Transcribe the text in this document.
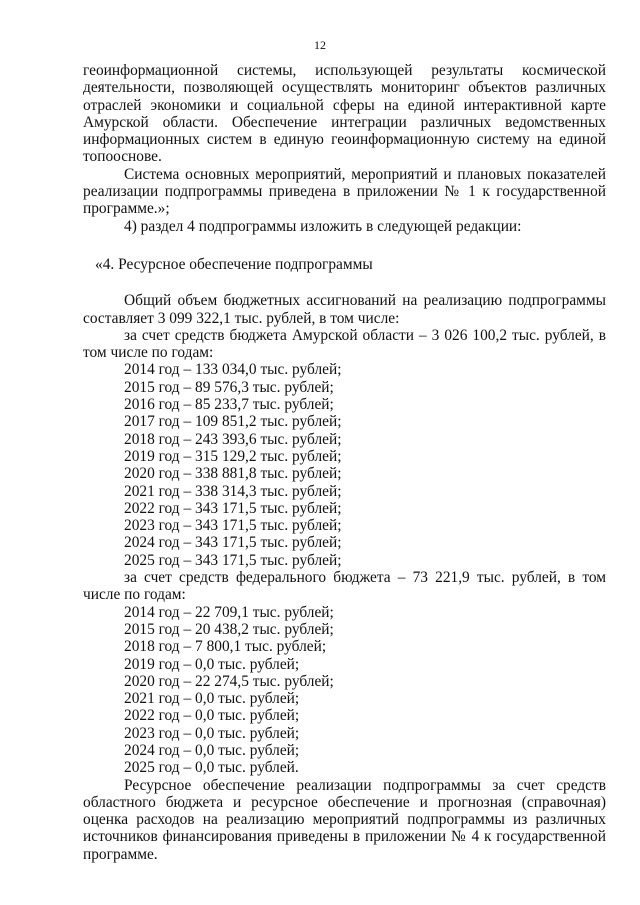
12

геоинформационной системы, использующей результаты космической деятельности, позволяющей осуществлять мониторинг объектов различных отраслей экономики и социальной сферы на единой интерактивной карте Амурской области. Обеспечение интеграции различных ведомственных информационных систем в единую геоинформационную систему на единой топооснове.

Система основных мероприятий, мероприятий и плановых показателей реализации подпрограммы приведена в приложении № 1 к государственной программе.»;

4) раздел 4 подпрограммы изложить в следующей редакции:

«4. Ресурсное обеспечение подпрограммы

Общий объем бюджетных ассигнований на реализацию подпрограммы составляет 3 099 322,1 тыс. рублей, в том числе:

за счет средств бюджета Амурской области – 3 026 100,2 тыс. рублей, в том числе по годам:

2014 год – 133 034,0 тыс. рублей;
2015 год – 89 576,3 тыс. рублей;
2016 год – 85 233,7 тыс. рублей;
2017 год – 109 851,2 тыс. рублей;
2018 год – 243 393,6 тыс. рублей;
2019 год – 315 129,2 тыс. рублей;
2020 год – 338 881,8 тыс. рублей;
2021 год – 338 314,3 тыс. рублей;
2022 год – 343 171,5 тыс. рублей;
2023 год – 343 171,5 тыс. рублей;
2024 год – 343 171,5 тыс. рублей;
2025 год – 343 171,5 тыс. рублей;

за счет средств федерального бюджета – 73 221,9 тыс. рублей, в том числе по годам:

2014 год – 22 709,1 тыс. рублей;
2015 год – 20 438,2 тыс. рублей;
2018 год – 7 800,1 тыс. рублей;
2019 год – 0,0 тыс. рублей;
2020 год – 22 274,5 тыс. рублей;
2021 год – 0,0 тыс. рублей;
2022 год – 0,0 тыс. рублей;
2023 год – 0,0 тыс. рублей;
2024 год – 0,0 тыс. рублей;
2025 год – 0,0 тыс. рублей.

Ресурсное обеспечение реализации подпрограммы за счет средств областного бюджета и ресурсное обеспечение и прогнозная (справочная) оценка расходов на реализацию мероприятий подпрограммы из различных источников финансирования приведены в приложении № 4 к государственной программе.
